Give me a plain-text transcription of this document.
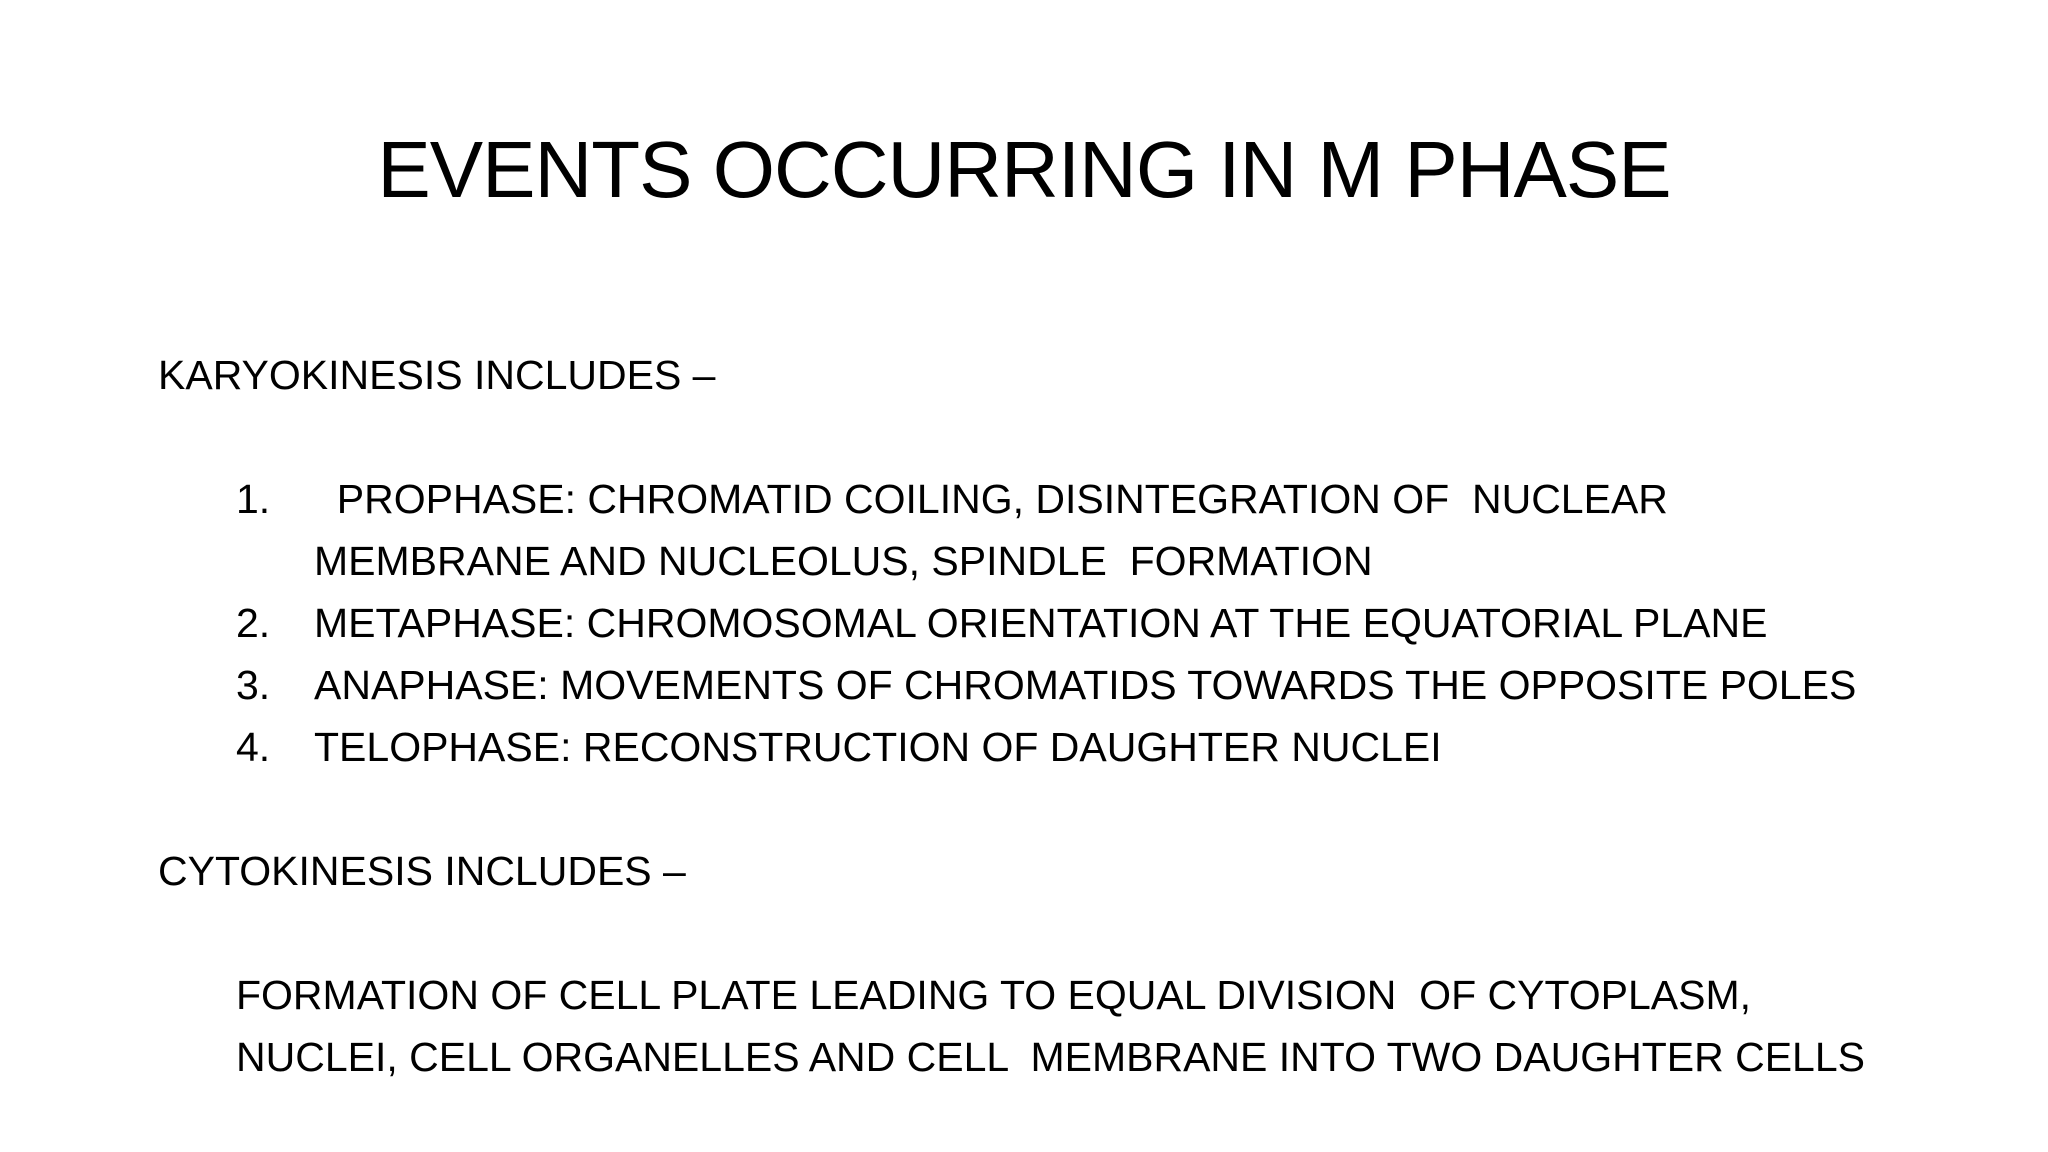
EVENTS OCCURRING IN M PHASE
KARYOKINESIS INCLUDES –
1.	PROPHASE: CHROMATID COILING, DISINTEGRATION OF  NUCLEAR
MEMBRANE AND NUCLEOLUS, SPINDLE  FORMATION
2.	METAPHASE: CHROMOSOMAL ORIENTATION AT THE EQUATORIAL PLANE
3.	ANAPHASE: MOVEMENTS OF CHROMATIDS TOWARDS THE OPPOSITE POLES
4.	TELOPHASE: RECONSTRUCTION OF DAUGHTER NUCLEI
CYTOKINESIS INCLUDES –
FORMATION OF CELL PLATE LEADING TO EQUAL DIVISION  OF CYTOPLASM,
NUCLEI, CELL ORGANELLES AND CELL  MEMBRANE INTO TWO DAUGHTER CELLS
